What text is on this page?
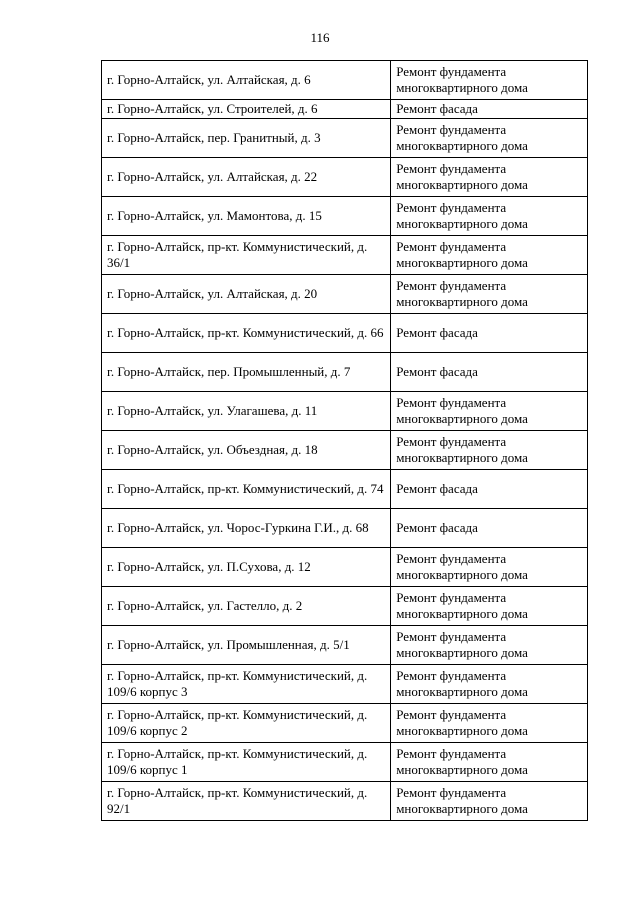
116
г. Горно-Алтайск, ул. Алтайская, д. 6	Ремонт фундамента многоквартирного дома
г. Горно-Алтайск, ул. Строителей, д. 6	Ремонт фасада
г. Горно-Алтайск, пер. Гранитный, д. 3	Ремонт фундамента многоквартирного дома
г. Горно-Алтайск, ул. Алтайская, д. 22	Ремонт фундамента многоквартирного дома
г. Горно-Алтайск, ул. Мамонтова, д. 15	Ремонт фундамента многоквартирного дома
г. Горно-Алтайск, пр-кт. Коммунистический, д. 36/1	Ремонт фундамента многоквартирного дома
г. Горно-Алтайск, ул. Алтайская, д. 20	Ремонт фундамента многоквартирного дома
г. Горно-Алтайск, пр-кт. Коммунистический, д. 66	Ремонт фасада
г. Горно-Алтайск, пер. Промышленный, д. 7	Ремонт фасада
г. Горно-Алтайск, ул. Улагашева, д. 11	Ремонт фундамента многоквартирного дома
г. Горно-Алтайск, ул. Объездная, д. 18	Ремонт фундамента многоквартирного дома
г. Горно-Алтайск, пр-кт. Коммунистический, д. 74	Ремонт фасада
г. Горно-Алтайск, ул. Чорос-Гуркина Г.И., д. 68	Ремонт фасада
г. Горно-Алтайск, ул. П.Сухова, д. 12	Ремонт фундамента многоквартирного дома
г. Горно-Алтайск, ул. Гастелло, д. 2	Ремонт фундамента многоквартирного дома
г. Горно-Алтайск, ул. Промышленная, д. 5/1	Ремонт фундамента многоквартирного дома
г. Горно-Алтайск, пр-кт. Коммунистический, д. 109/6 корпус 3	Ремонт фундамента многоквартирного дома
г. Горно-Алтайск, пр-кт. Коммунистический, д. 109/6 корпус 2	Ремонт фундамента многоквартирного дома
г. Горно-Алтайск, пр-кт. Коммунистический, д. 109/6 корпус 1	Ремонт фундамента многоквартирного дома
г. Горно-Алтайск, пр-кт. Коммунистический, д. 92/1	Ремонт фундамента многоквартирного дома
